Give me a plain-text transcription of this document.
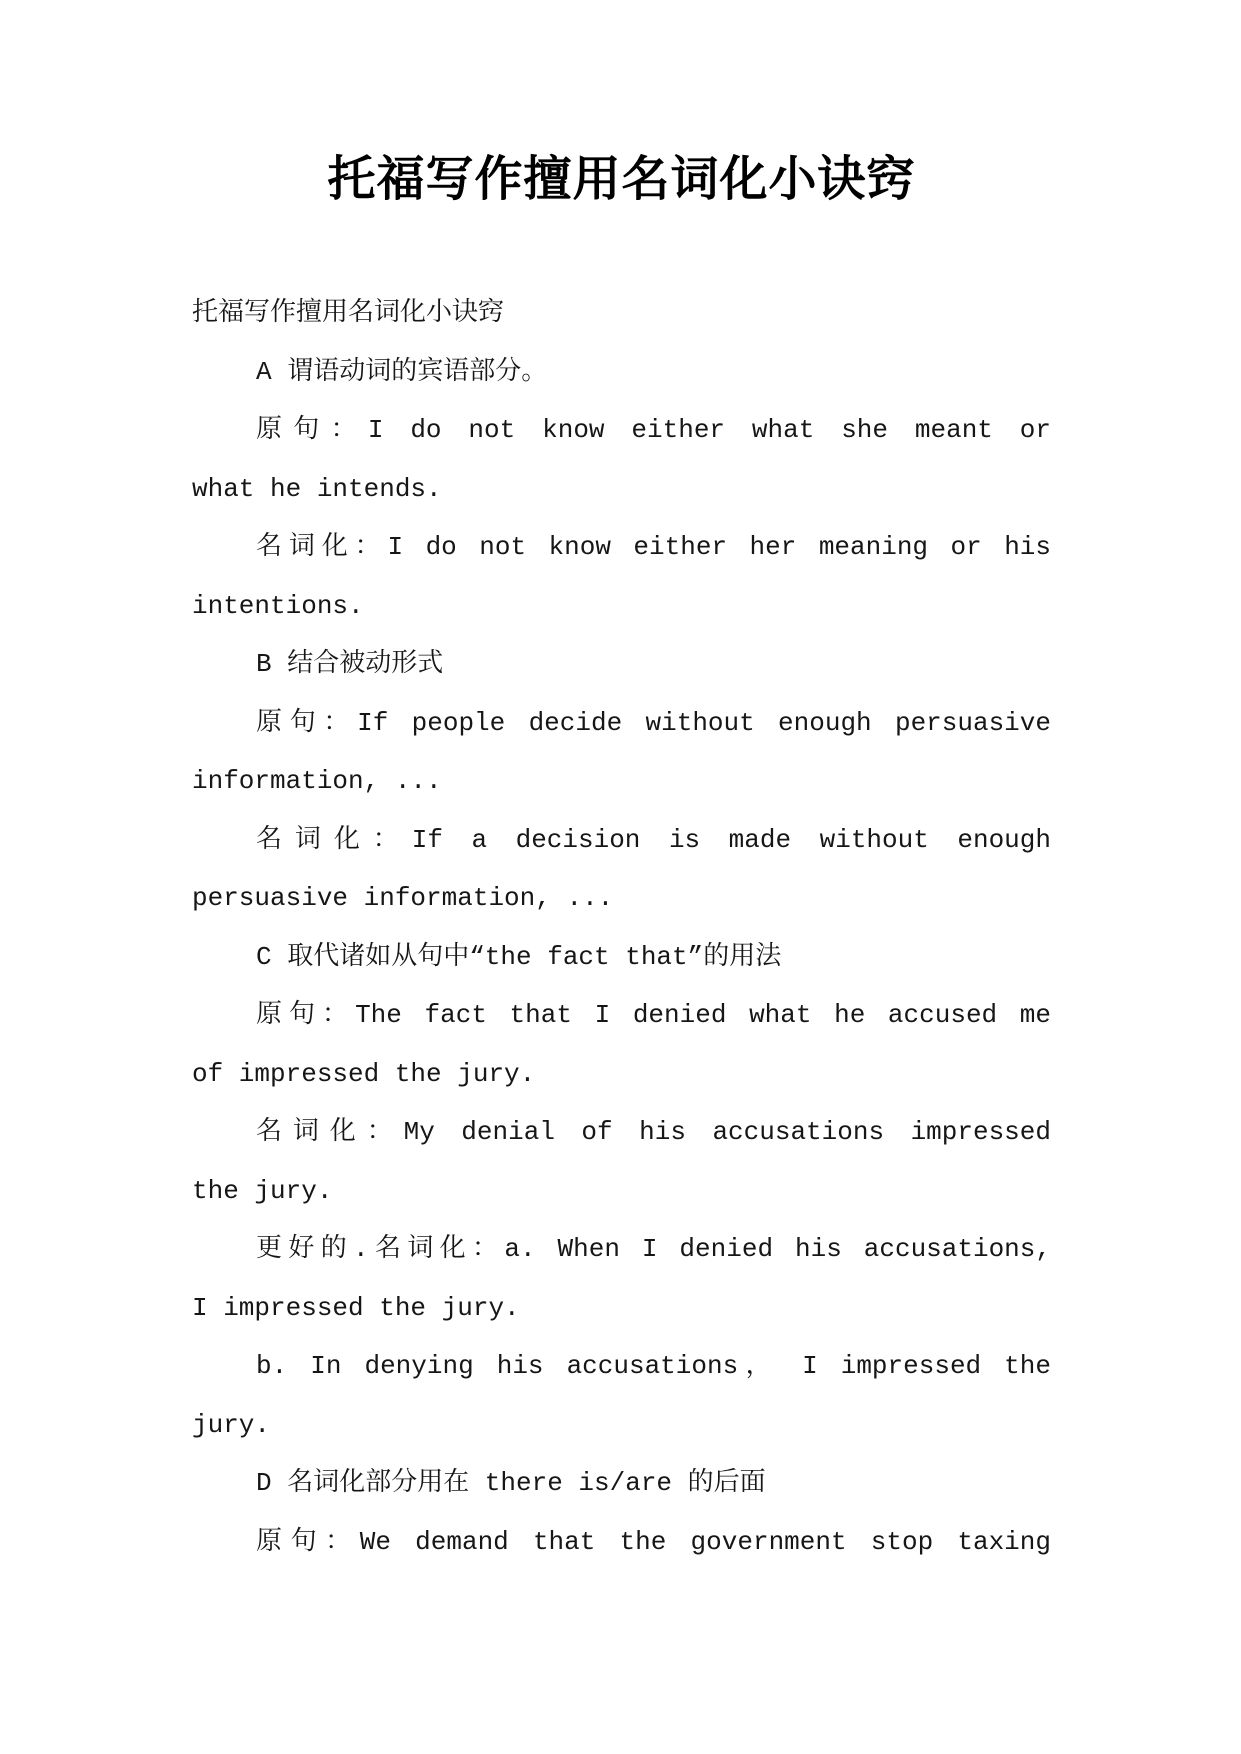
托福写作擅用名词化小诀窍
托福写作擅用名词化小诀窍
A 谓语动词的宾语部分。
原句：I do not know either what she meant or
what he intends.
名词化：I do not know either her meaning or his
intentions.
B 结合被动形式
原句：If people decide without enough persuasive
information, ...
名词化：If a decision is made without enough
persuasive information, ...
C 取代诸如从句中“the fact that”的用法
原句：The fact that I denied what he accused me
of impressed the jury.
名词化：My denial of his accusations impressed
the jury.
更好的.名词化：a. When I denied his accusations,
I impressed the jury.
b. In denying his accusations， I impressed the
jury.
D 名词化部分用在 there is/are 的后面
原句：We demand that the government stop taxing
